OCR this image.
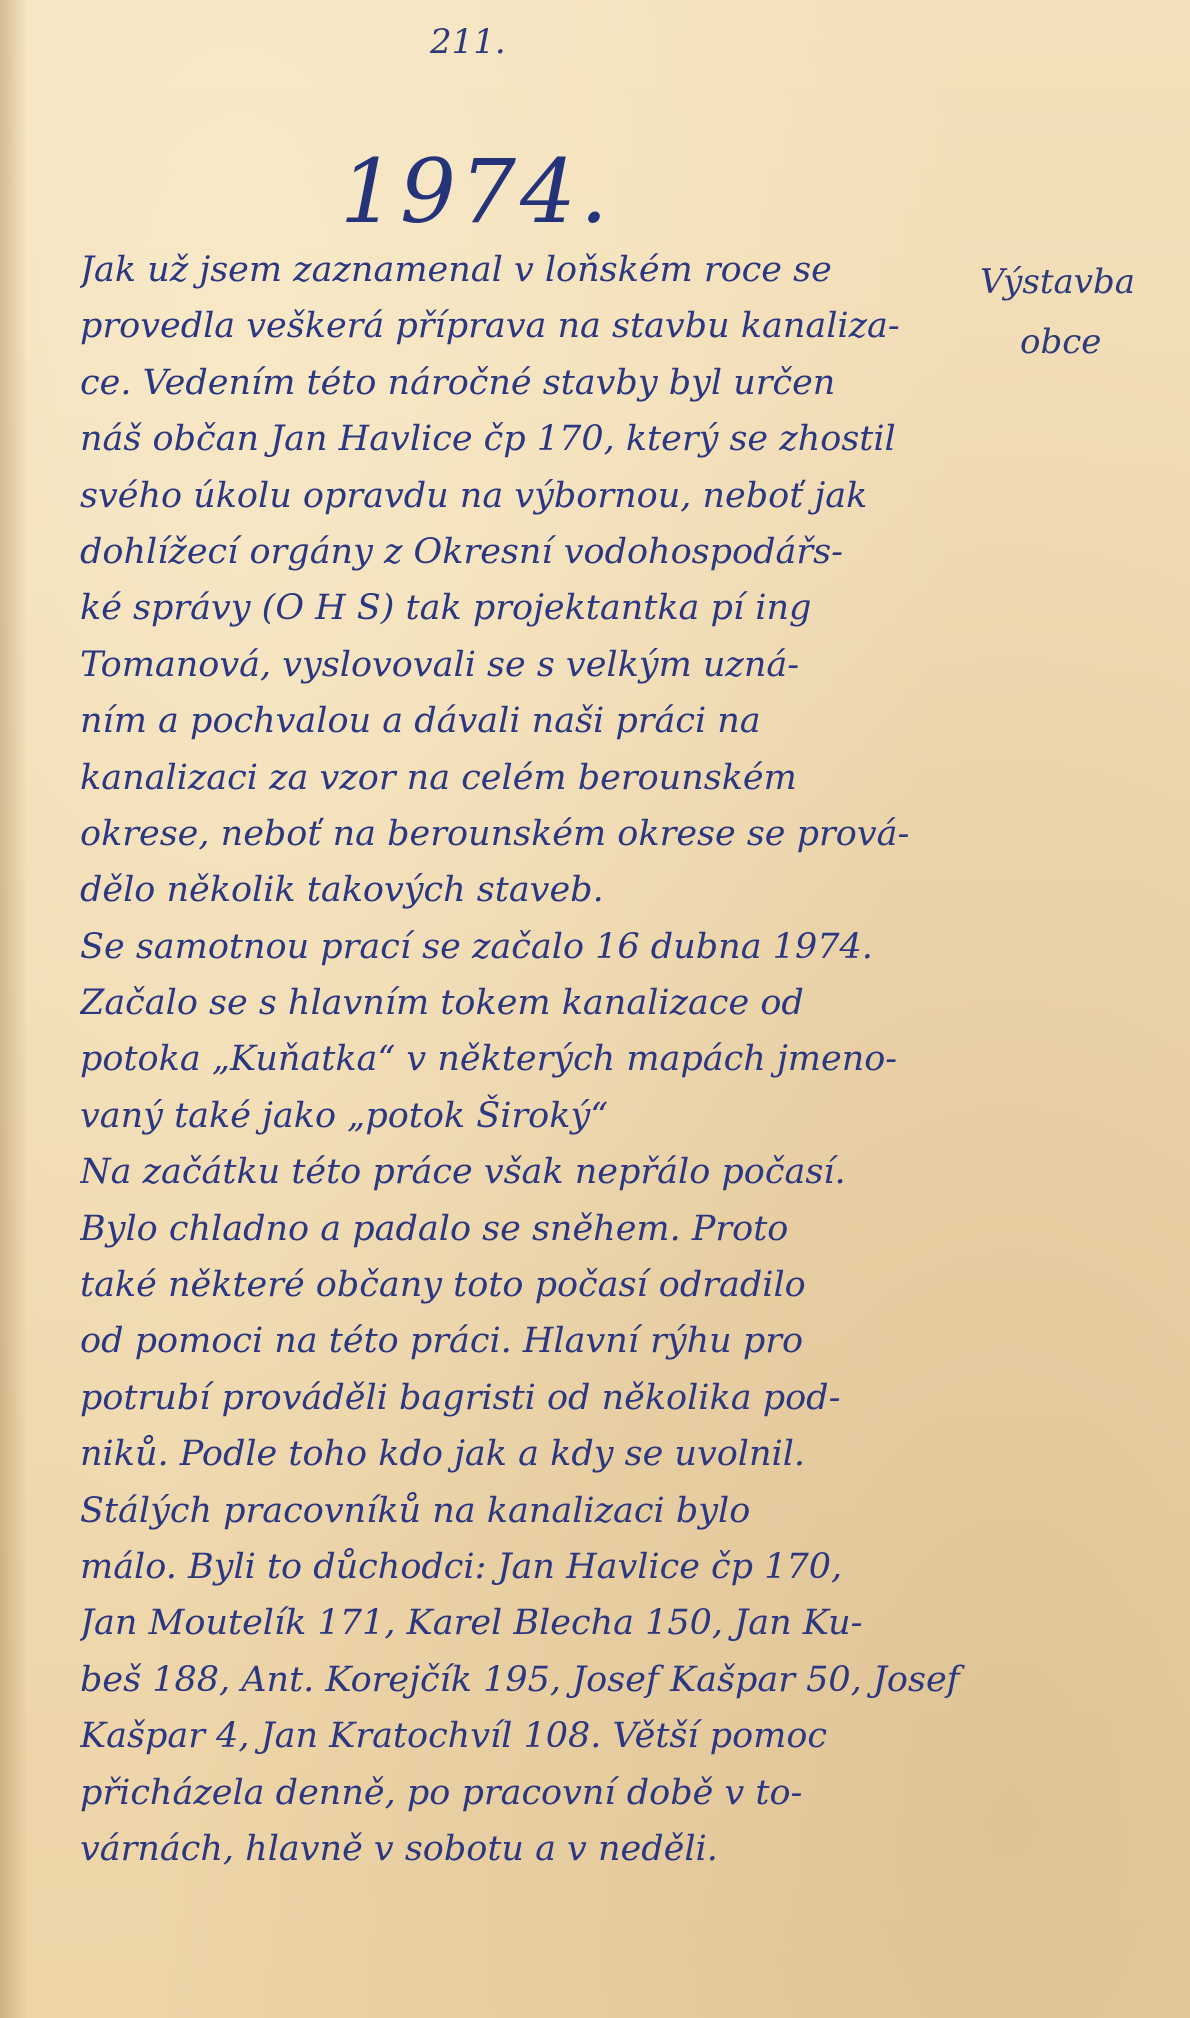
211.

1974.

Výstavba
obce
Jak už jsem zaznamenal v loňském roce se
provedla veškerá příprava na stavbu kanaliza-
ce. Vedením této náročné stavby byl určen
náš občan Jan Havlice čp 170, který se zhostil
svého úkolu opravdu na výbornou, neboť jak
dohlížecí orgány z Okresní vodohospodářs-
ké správy (O H S) tak projektantka pí ing
Tomanová, vyslovovali se s velkým uzná-
ním a pochvalou a dávali naši práci na
kanalizaci za vzor na celém berounském
okrese, neboť na berounském okrese se prová-
dělo několik takových staveb.
Se samotnou prací se začalo 16 dubna 1974.
Začalo se s hlavním tokem kanalizace od
potoka „Kuňatka“ v některých mapách jmeno-
vaný také jako „potok Široký“
Na začátku této práce však nepřálo počasí.
Bylo chladno a padalo se sněhem. Proto
také některé občany toto počasí odradilo
od pomoci na této práci. Hlavní rýhu pro
potrubí prováděli bagristi od několika pod-
niků. Podle toho kdo jak a kdy se uvolnil.
Stálých pracovníků na kanalizaci bylo
málo. Byli to důchodci: Jan Havlice čp 170,
Jan Moutelík 171, Karel Blecha 150, Jan Ku-
beš 188, Ant. Korejčík 195, Josef Kašpar 50, Josef
Kašpar 4, Jan Kratochvíl 108. Větší pomoc
přicházela denně, po pracovní době v to-
várnách, hlavně v sobotu a v neděli.
